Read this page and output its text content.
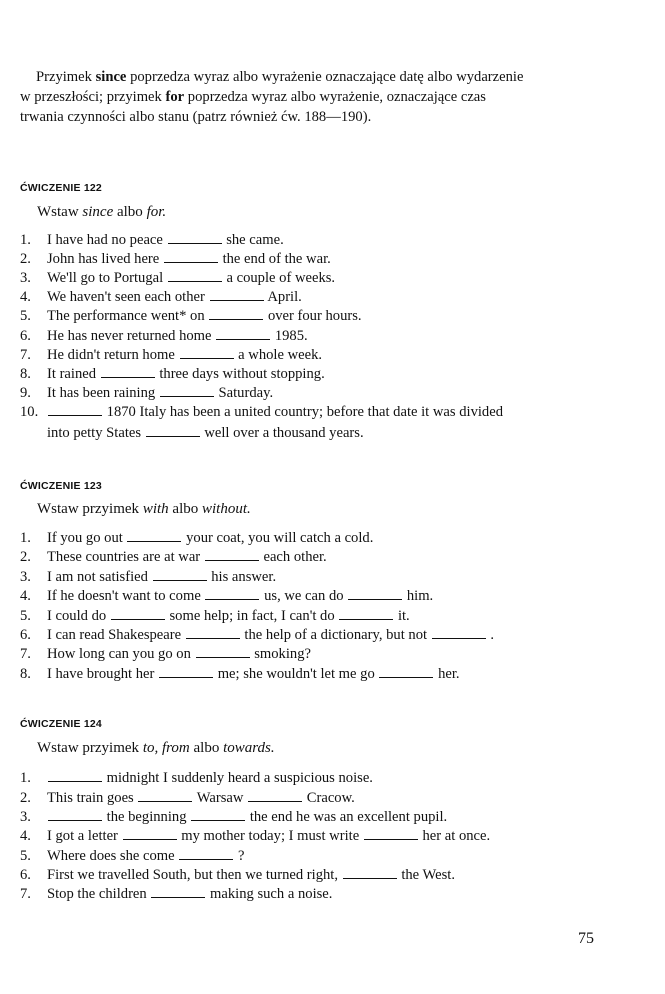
Przyimek since poprzedza wyraz albo wyrażenie oznaczające datę albo wydarzenie
w przeszłości; przyimek for poprzedza wyraz albo wyrażenie, oznaczające czas
trwania czynności albo stanu (patrz również ćw. 188—190).
ĆWICZENIE 122
Wstaw since albo for.
1. I have had no peace	she came.
2. John has lived here	the end of the war.
3. We'll go to Portugal	a couple of weeks.
4. We haven't seen each other	April.
5. The performance went* on	over four hours.
6. He has never returned home	1985.
7. He didn't return home	a whole week.
8. It rained	three days without stopping.
9. It has been raining	Saturday.
10.	1870 Italy has been a united country; before that date it was divided
into petty States	well over a thousand years.
ĆWICZENIE 123
Wstaw przyimek with albo without.
1. If you go out	your coat, you will catch a cold.
2. These countries are at war	each other.
3. I am not satisfied	his answer.
4. If he doesn't want to come	us, we can do	him.
5. I could do	some help; in fact, I can't do	it.
6. I can read Shakespeare	the help of a dictionary, but not	.
7. How long can you go on	smoking?
8. I have brought her	me; she wouldn't let me go	her.
ĆWICZENIE 124
Wstaw przyimek to, from albo towards.
1.	midnight I suddenly heard a suspicious noise.
2. This train goes	Warsaw	Cracow.
3.	the beginning	the end he was an excellent pupil.
4. I got a letter	my mother today; I must write	her at once.
5. Where does she come	?
6. First we travelled South, but then we turned right,	the West.
7. Stop the children	making such a noise.
75
